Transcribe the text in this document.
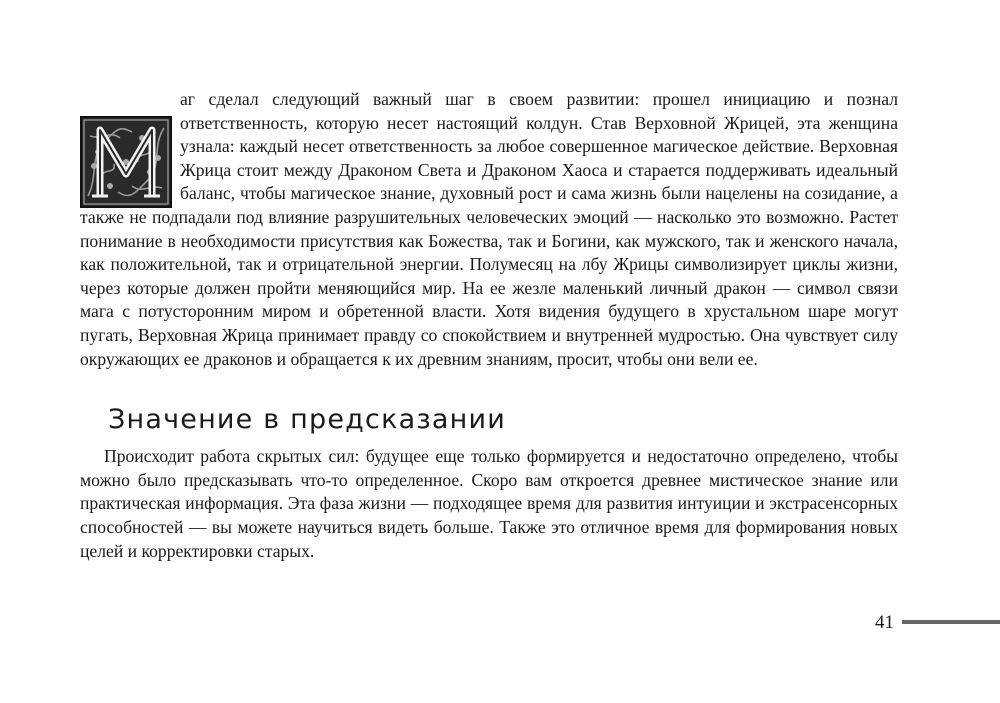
аг сделал следующий важный шаг в своем развитии: прошел инициацию и познал ответственность, которую несет настоящий колдун. Став Верховной Жрицей, эта женщина узнала: каждый несет ответственность за любое совершенное магическое действие. Верховная Жрица стоит между Драконом Света и Драконом Хаоса и старается поддерживать идеальный баланс, чтобы магическое знание, духовный рост и сама жизнь были нацелены на созидание, а также не подпадали под влияние разрушительных человеческих эмоций — насколько это возможно. Растет понимание в необходимости присутствия как Божества, так и Богини, как мужского, так и женского начала, как положительной, так и отрицательной энергии. Полумесяц на лбу Жрицы символизирует циклы жизни, через которые должен пройти меняющийся мир. На ее жезле маленький личный дракон — символ связи мага с потусторонним миром и обретенной власти. Хотя видения будущего в хрустальном шаре могут пугать, Верховная Жрица принимает правду со спокойствием и внутренней мудростью. Она чувствует силу окружающих ее драконов и обращается к их древним знаниям, просит, чтобы они вели ее.

Значение в предсказании

Происходит работа скрытых сил: будущее еще только формируется и недостаточно определено, чтобы можно было предсказывать что-то определенное. Скоро вам откроется древнее мистическое знание или практическая информация. Эта фаза жизни — подходящее время для развития интуиции и экстрасенсорных способностей — вы можете научиться видеть больше. Также это отличное время для формирования новых целей и корректировки старых.

41
